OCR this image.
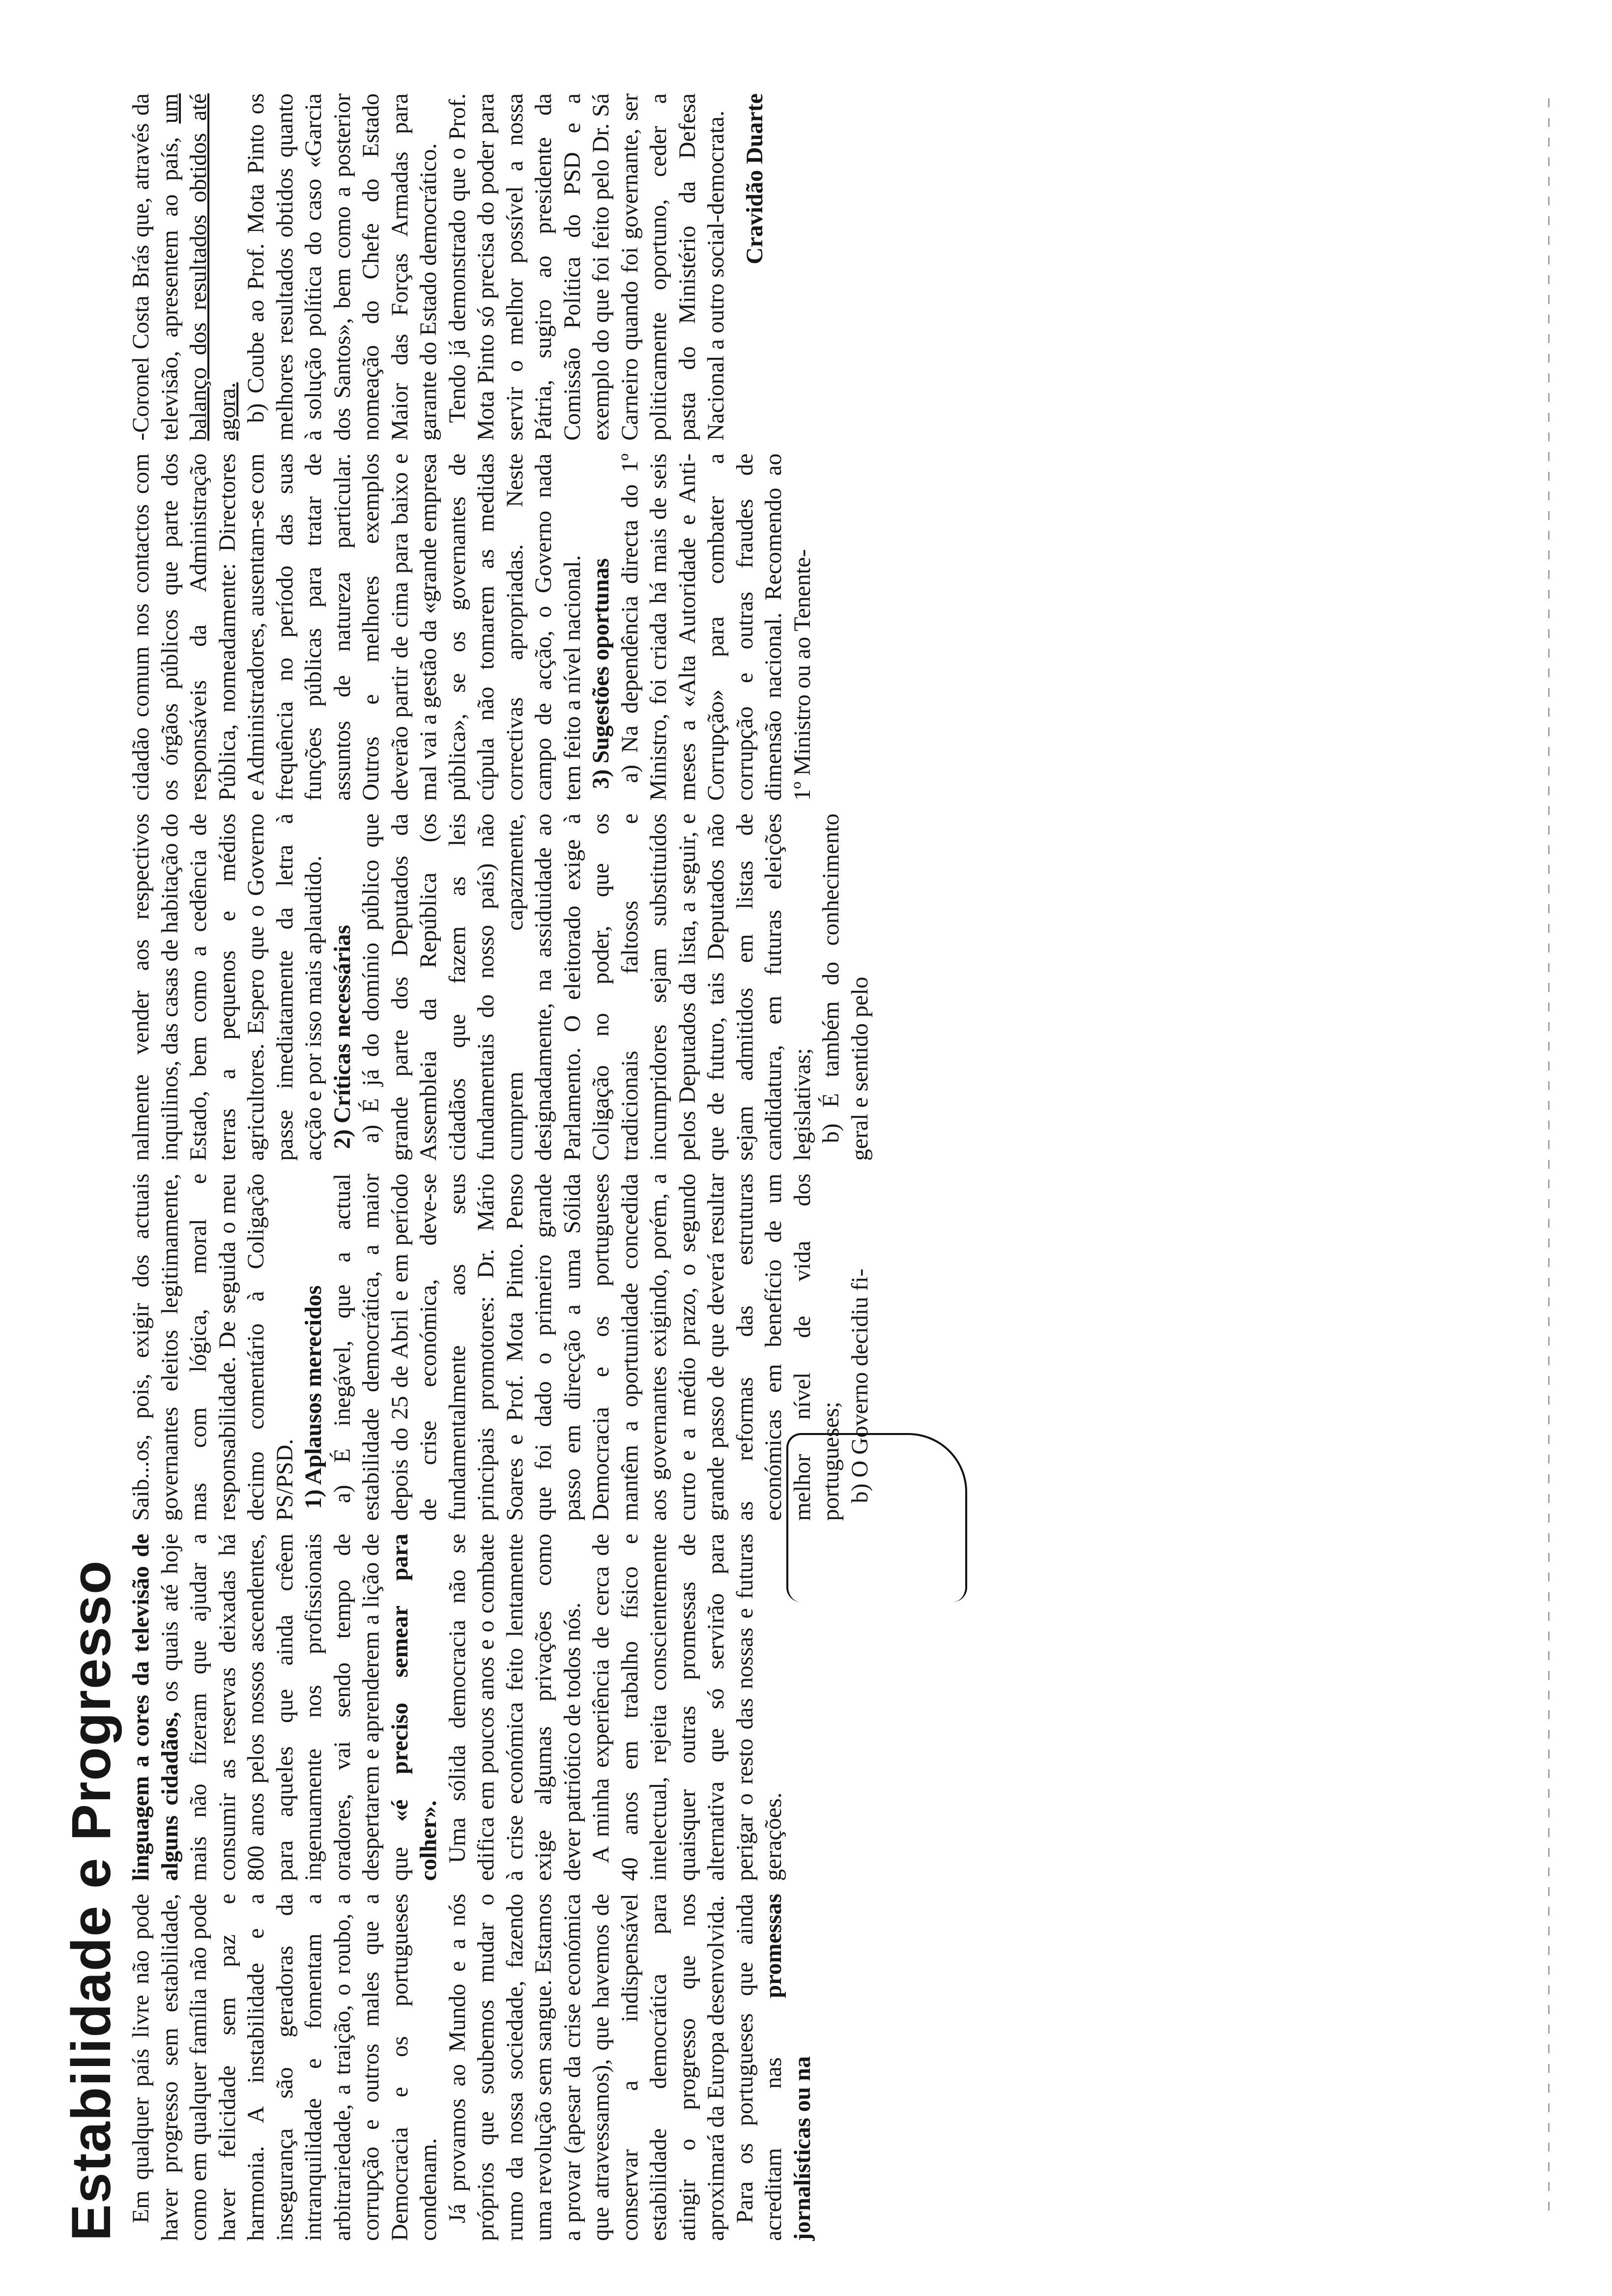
Estabilidade e Progresso Em qualquer país livre não pode haver progresso sem estabilidade, como em qualquer família não pode haver felicidade sem paz e harmonia. A instabilidade e a insegurança são geradoras da intranquilidade e fomentam a arbitrariedade, a traição, o roubo, a corrupção e outros males que a Democracia e os portugueses condenam. Já provamos ao Mundo e a nós próprios que soubemos mudar o rumo da nossa sociedade, fazendo uma revolução sem sangue. Estamos a provar (apesar da crise económica que atravessamos), que havemos de conservar a indispensável estabilidade democrática para atingir o progresso que nos aproximará da Europa desenvolvida. Para os portugueses que ainda acreditam nas promessas jornalísticas ou na

linguagem a cores da televisão de alguns cidadãos, os quais até hoje mais não fizeram que ajudar a consumir as reservas deixadas há 800 anos pelos nossos ascendentes, para aqueles que ainda crêem ingenuamente nos profissionais oradores, vai sendo tempo de despertarem e aprenderem a lição de que «é preciso semear para colher». Uma sólida democracia não se edifica em poucos anos e o combate à crise económica feito lentamente exige algumas privações como dever patriótico de todos nós. A minha experiência de cerca de 40 anos em trabalho físico e intelectual, rejeita conscientemente quaisquer outras promessas de alternativa que só servirão para perigar o resto das nossas e futuras gerações.

Saib...os, pois, exigir dos actuais governantes eleitos legitimamente, mas com lógica, moral e responsabilidade. De seguida o meu decimo comentário à Coligação PS/PSD. 1) Aplausos merecidos a) É inegável, que a actual estabilidade democrática, a maior depois do 25 de Abril e em período de crise económica, deve-se fundamentalmente aos seus principais promotores: Dr. Mário Soares e Prof. Mota Pinto. Penso que foi dado o primeiro grande passo em direcção a uma Sólida Democracia e os portugueses mantêm a oportunidade concedida aos governantes exigindo, porém, a curto e a médio prazo, o segundo grande passo de que deverá resultar as reformas das estruturas económicas em benefício de um melhor nível de vida dos portugueses; b) O Governo decidiu fi-

nalmente vender aos respectivos inquilinos, das casas de habitação do Estado, bem como a cedência de terras a pequenos e médios agricultores. Espero que o Governo passe imediatamente da letra à acção e por isso mais aplaudido. 2) Críticas necessárias a) É já do domínio público que grande parte dos Deputados da Assembleia da República (os cidadãos que fazem as leis fundamentais do nosso país) não cumprem capazmente, designadamente, na assiduidade ao Parlamento. O eleitorado exige à Coligação no poder, que os tradicionais faltosos e incumpridores sejam substituídos pelos Deputados da lista, a seguir, e que de futuro, tais Deputados não sejam admitidos em listas de candidatura, em futuras eleições legislativas; b) É também do conhecimento geral e sentido pelo

cidadão comum nos contactos com os órgãos públicos que parte dos responsáveis da Administração Pública, nomeadamente: Directores e Administradores, ausentam-se com frequência no período das suas funções públicas para tratar de assuntos de natureza particular. Outros e melhores exemplos deverão partir de cima para baixo e mal vai a gestão da «grande empresa pública», se os governantes de cúpula não tomarem as medidas correctivas apropriadas. Neste campo de acção, o Governo nada tem feito a nível nacional. 3) Sugestões oportunas a) Na dependência directa do 1º Ministro, foi criada há mais de seis meses a «Alta Autoridade e Anti-Corrupção» para combater a corrupção e outras fraudes de dimensão nacional. Recomendo ao 1º Ministro ou ao Tenente-

-Coronel Costa Brás que, através da televisão, apresentem ao país, um balanço dos resultados obtidos até agora. b) Coube ao Prof. Mota Pinto os melhores resultados obtidos quanto à solução política do caso «Garcia dos Santos», bem como a posterior nomeação do Chefe do Estado Maior das Forças Armadas para garante do Estado democrático. Tendo já demonstrado que o Prof. Mota Pinto só precisa do poder para servir o melhor possível a nossa Pátria, sugiro ao presidente da Comissão Política do PSD e a exemplo do que foi feito pelo Dr. Sá Carneiro quando foi governante, ser politicamente oportuno, ceder a pasta do Ministério da Defesa Nacional a outro social-democrata. Cravidão Duarte
